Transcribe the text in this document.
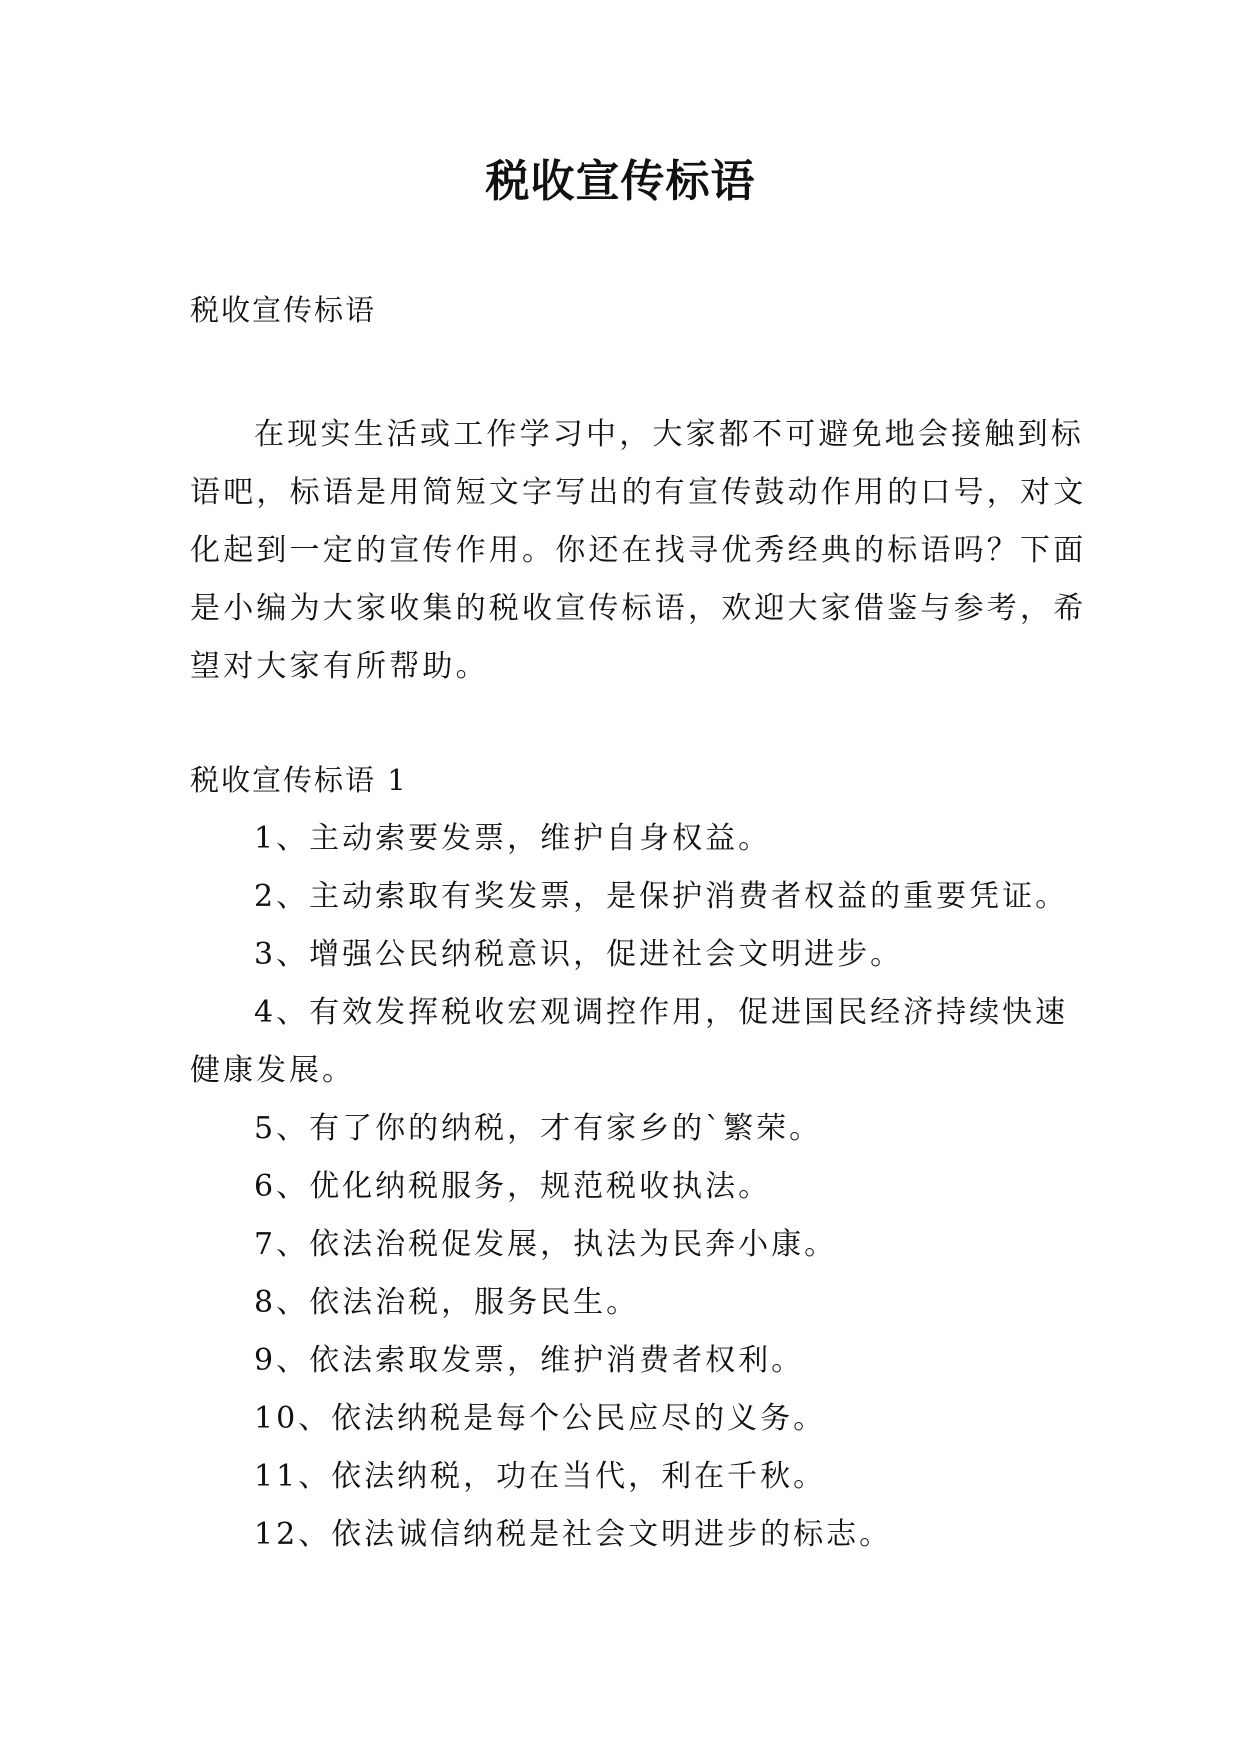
税收宣传标语
税收宣传标语

在现实生活或工作学习中，大家都不可避免地会接触到标语吧，标语是用简短文字写出的有宣传鼓动作用的口号，对文化起到一定的宣传作用。你还在找寻优秀经典的标语吗？下面是小编为大家收集的税收宣传标语，欢迎大家借鉴与参考，希望对大家有所帮助。

税收宣传标语 1
1、主动索要发票，维护自身权益。
2、主动索取有奖发票，是保护消费者权益的重要凭证。
3、增强公民纳税意识，促进社会文明进步。
4、有效发挥税收宏观调控作用，促进国民经济持续快速健康发展。
5、有了你的纳税，才有家乡的`繁荣。
6、优化纳税服务，规范税收执法。
7、依法治税促发展，执法为民奔小康。
8、依法治税，服务民生。
9、依法索取发票，维护消费者权利。
10、依法纳税是每个公民应尽的义务。
11、依法纳税，功在当代，利在千秋。
12、依法诚信纳税是社会文明进步的标志。
